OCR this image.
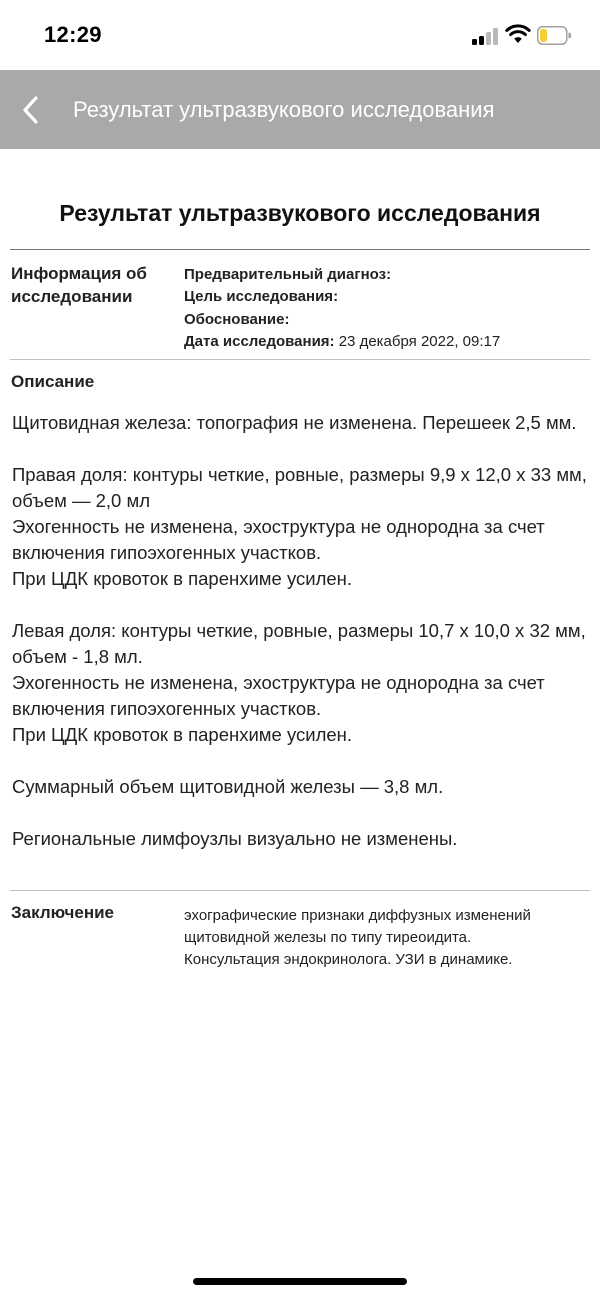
12:29
Результат ультразвукового исследования
Результат ультразвукового исследования
Информация об исследовании
Предварительный диагноз:
Цель исследования:
Обоснование:
Дата исследования: 23 декабря 2022, 09:17
Описание

Щитовидная железа: топография не изменена. Перешеек 2,5 мм.

Правая доля: контуры четкие, ровные, размеры 9,9 х 12,0 х 33 мм, объем — 2,0 мл
Эхогенность не изменена, эхоструктура не однородна за счет включения гипоэхогенных участков.
При ЦДК кровоток в паренхиме усилен.

Левая доля: контуры четкие, ровные, размеры 10,7 х 10,0 х 32 мм, объем - 1,8 мл.
Эхогенность не изменена, эхоструктура не однородна за счет включения гипоэхогенных участков.
При ЦДК кровоток в паренхиме усилен.

Суммарный объем щитовидной железы — 3,8 мл.

Региональные лимфоузлы визуально не изменены.

Заключение	эхографические признаки диффузных изменений щитовидной железы по типу тиреоидита.
Консультация эндокринолога. УЗИ в динамике.
